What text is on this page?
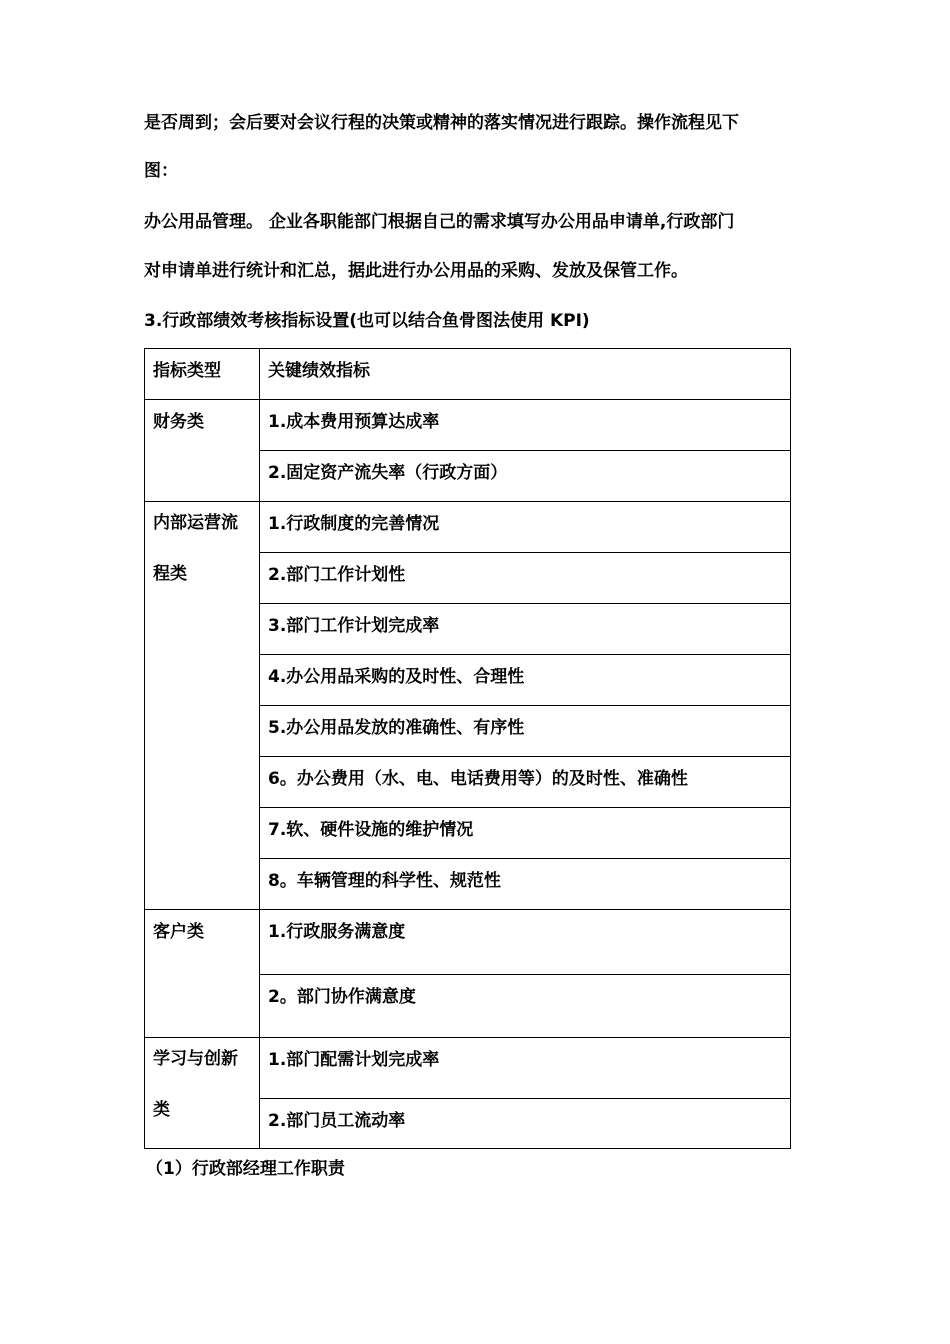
是否周到；会后要对会议行程的决策或精神的落实情况进行跟踪。操作流程见下
图：
办公用品管理。 企业各职能部门根据自己的需求填写办公用品申请单,行政部门
对申请单进行统计和汇总，据此进行办公用品的采购、发放及保管工作。
3.行政部绩效考核指标设置(也可以结合鱼骨图法使用 KPI)
指标类型	关键绩效指标
财务类	1.成本费用预算达成率
	2.固定资产流失率（行政方面）

内部运营流程类	1.行政制度的完善情况
	2.部门工作计划性
	3.部门工作计划完成率
	4.办公用品采购的及时性、合理性
	5.办公用品发放的准确性、有序性
	6。办公费用（水、电、电话费用等）的及时性、准确性
	7.软、硬件设施的维护情况
	8。车辆管理的科学性、规范性
客户类	1.行政服务满意度
	2。部门协作满意度

学习与创新类	1.部门配需计划完成率
	2.部门员工流动率
（1）行政部经理工作职责
